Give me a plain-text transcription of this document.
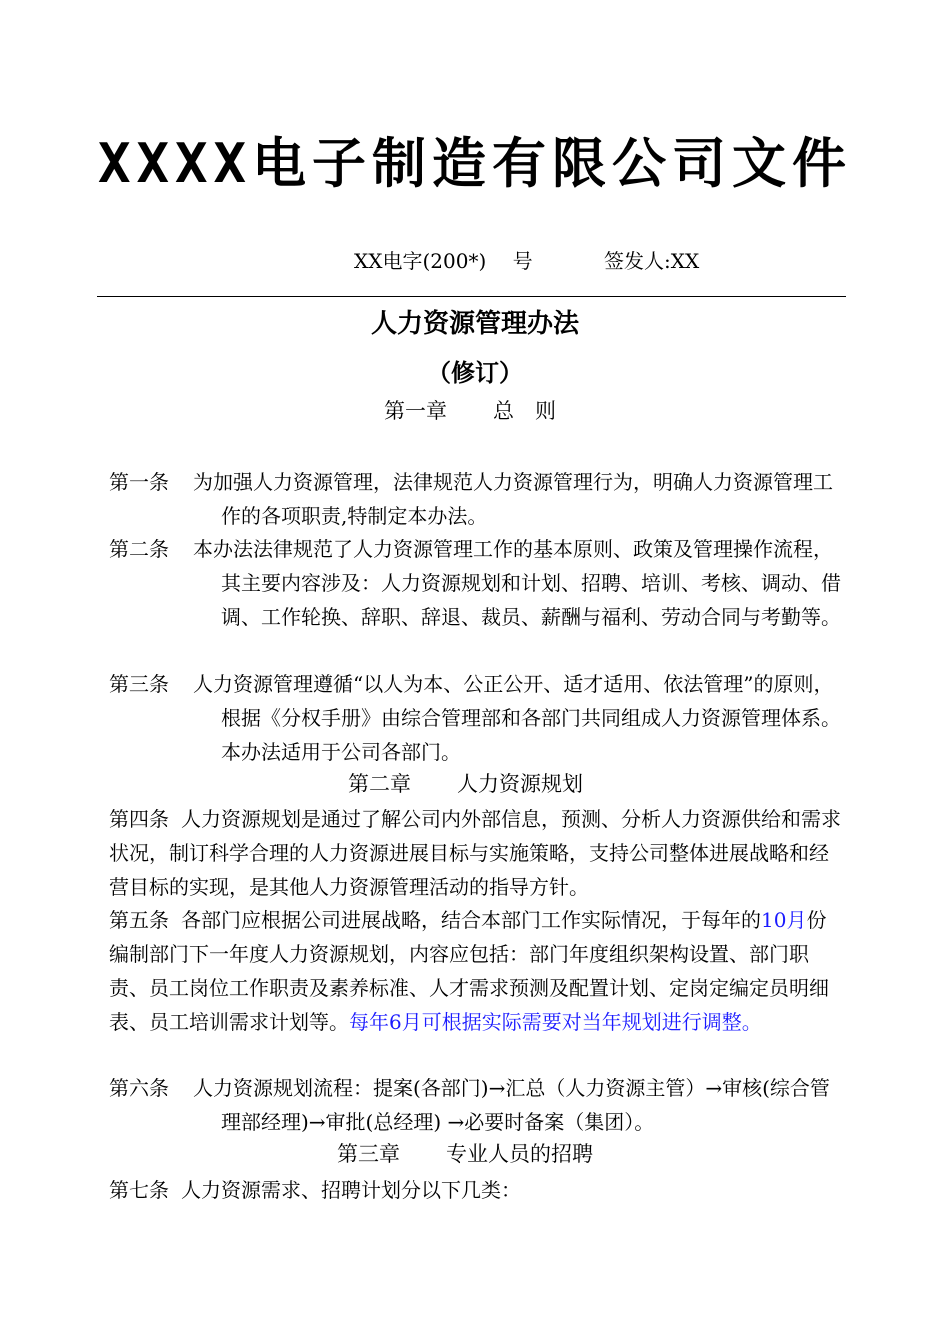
XXXX电子制造有限公司文件
XX电字(200*)　 号	签发人:XX
人力资源管理办法
（修订）
第一章 总　则
第一条 为加强人力资源管理，法律规范人力资源管理行为，明确人力资源管理工作的各项职责,特制定本办法。
第二条 本办法法律规范了人力资源管理工作的基本原则、政策及管理操作流程，其主要内容涉及：人力资源规划和计划、招聘、培训、考核、调动、借调、工作轮换、辞职、辞退、裁员、薪酬与福利、劳动合同与考勤等。
第三条 人力资源管理遵循“以人为本、公正公开、适才适用、依法管理”的原则，根据《分权手册》由综合管理部和各部门共同组成人力资源管理体系。本办法适用于公司各部门。
第二章 人力资源规划
第四条 人力资源规划是通过了解公司内外部信息，预测、分析人力资源供给和需求状况，制订科学合理的人力资源进展目标与实施策略，支持公司整体进展战略和经营目标的实现，是其他人力资源管理活动的指导方针。
第五条 各部门应根据公司进展战略，结合本部门工作实际情况，于每年的10月份编制部门下一年度人力资源规划，内容应包括：部门年度组织架构设置、部门职责、员工岗位工作职责及素养标准、人才需求预测及配置计划、定岗定编定员明细表、员工培训需求计划等。每年6月可根据实际需要对当年规划进行调整。
第六条 人力资源规划流程：提案(各部门)→汇总（人力资源主管）→审核(综合管理部经理)→审批(总经理) →必要时备案（集团）。
第三章 专业人员的招聘
第七条 人力资源需求、招聘计划分以下几类：
